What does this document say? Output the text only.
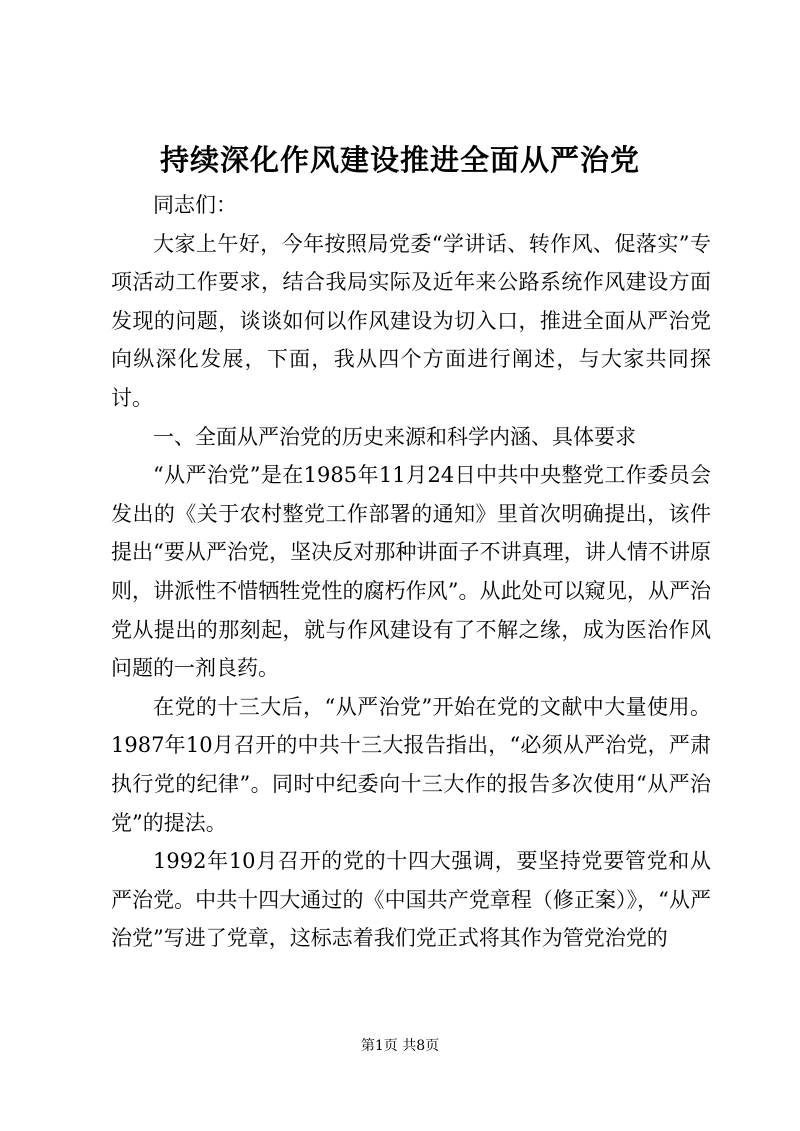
持续深化作风建设推进全面从严治党

同志们：

大家上午好，今年按照局党委“学讲话、转作风、促落实”专项活动工作要求，结合我局实际及近年来公路系统作风建设方面发现的问题，谈谈如何以作风建设为切入口，推进全面从严治党向纵深化发展，下面，我从四个方面进行阐述，与大家共同探讨。

一、全面从严治党的历史来源和科学内涵、具体要求

“从严治党”是在1985年11月24日中共中央整党工作委员会发出的《关于农村整党工作部署的通知》里首次明确提出，该件提出“要从严治党，坚决反对那种讲面子不讲真理，讲人情不讲原则，讲派性不惜牺牲党性的腐朽作风”。从此处可以窥见，从严治党从提出的那刻起，就与作风建设有了不解之缘，成为医治作风问题的一剂良药。

在党的十三大后，“从严治党”开始在党的文献中大量使用。1987年10月召开的中共十三大报告指出，“必须从严治党，严肃执行党的纪律”。同时中纪委向十三大作的报告多次使用“从严治党”的提法。

1992年10月召开的党的十四大强调，要坚持党要管党和从严治党。中共十四大通过的《中国共产党章程（修正案）》，“从严治党”写进了党章，这标志着我们党正式将其作为管党治党的

第1页 共8页
